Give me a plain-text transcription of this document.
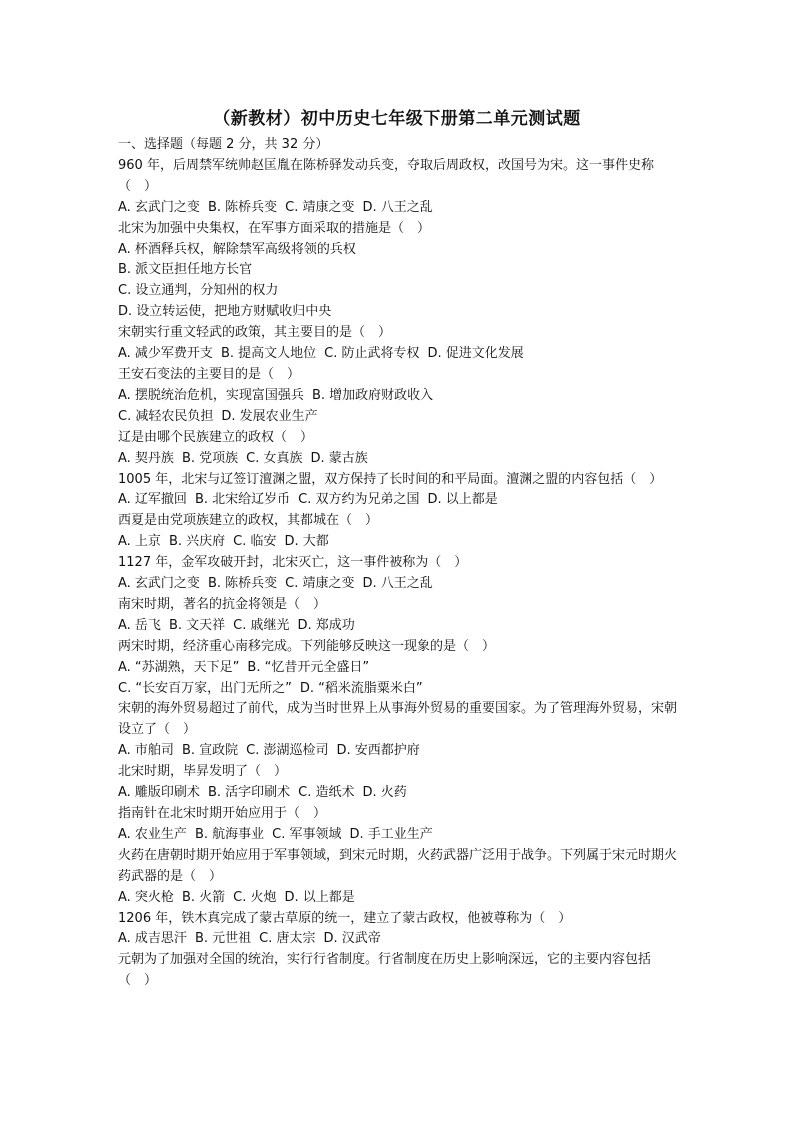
（新教材）初中历史七年级下册第二单元测试题
一、选择题（每题 2 分，共 32 分）
960 年，后周禁军统帅赵匡胤在陈桥驿发动兵变，夺取后周政权，改国号为宋。这一事件史称（　）
A. 玄武门之变 B. 陈桥兵变 C. 靖康之变 D. 八王之乱
北宋为加强中央集权，在军事方面采取的措施是（　）
A. 杯酒释兵权，解除禁军高级将领的兵权
B. 派文臣担任地方长官
C. 设立通判，分知州的权力
D. 设立转运使，把地方财赋收归中央
宋朝实行重文轻武的政策，其主要目的是（　）
A. 减少军费开支 B. 提高文人地位 C. 防止武将专权 D. 促进文化发展
王安石变法的主要目的是（　）
A. 摆脱统治危机，实现富国强兵 B. 增加政府财政收入
C. 减轻农民负担 D. 发展农业生产
辽是由哪个民族建立的政权（　）
A. 契丹族 B. 党项族 C. 女真族 D. 蒙古族
1005 年，北宋与辽签订澶渊之盟，双方保持了长时间的和平局面。澶渊之盟的内容包括（　）
A. 辽军撤回 B. 北宋给辽岁币 C. 双方约为兄弟之国 D. 以上都是
西夏是由党项族建立的政权，其都城在（　）
A. 上京 B. 兴庆府 C. 临安 D. 大都
1127 年，金军攻破开封，北宋灭亡，这一事件被称为（　）
A. 玄武门之变 B. 陈桥兵变 C. 靖康之变 D. 八王之乱
南宋时期，著名的抗金将领是（　）
A. 岳飞 B. 文天祥 C. 戚继光 D. 郑成功
两宋时期，经济重心南移完成。下列能够反映这一现象的是（　）
A. “苏湖熟，天下足” B. “忆昔开元全盛日”
C. “长安百万家，出门无所之” D. “稻米流脂粟米白”
宋朝的海外贸易超过了前代，成为当时世界上从事海外贸易的重要国家。为了管理海外贸易，宋朝设立了（　）
A. 市舶司 B. 宣政院 C. 澎湖巡检司 D. 安西都护府
北宋时期，毕昇发明了（　）
A. 雕版印刷术 B. 活字印刷术 C. 造纸术 D. 火药
指南针在北宋时期开始应用于（　）
A. 农业生产 B. 航海事业 C. 军事领域 D. 手工业生产
火药在唐朝时期开始应用于军事领域，到宋元时期，火药武器广泛用于战争。下列属于宋元时期火药武器的是（　）
A. 突火枪 B. 火箭 C. 火炮 D. 以上都是
1206 年，铁木真完成了蒙古草原的统一，建立了蒙古政权，他被尊称为（　）
A. 成吉思汗 B. 元世祖 C. 唐太宗 D. 汉武帝
元朝为了加强对全国的统治，实行行省制度。行省制度在历史上影响深远，它的主要内容包括（　）
